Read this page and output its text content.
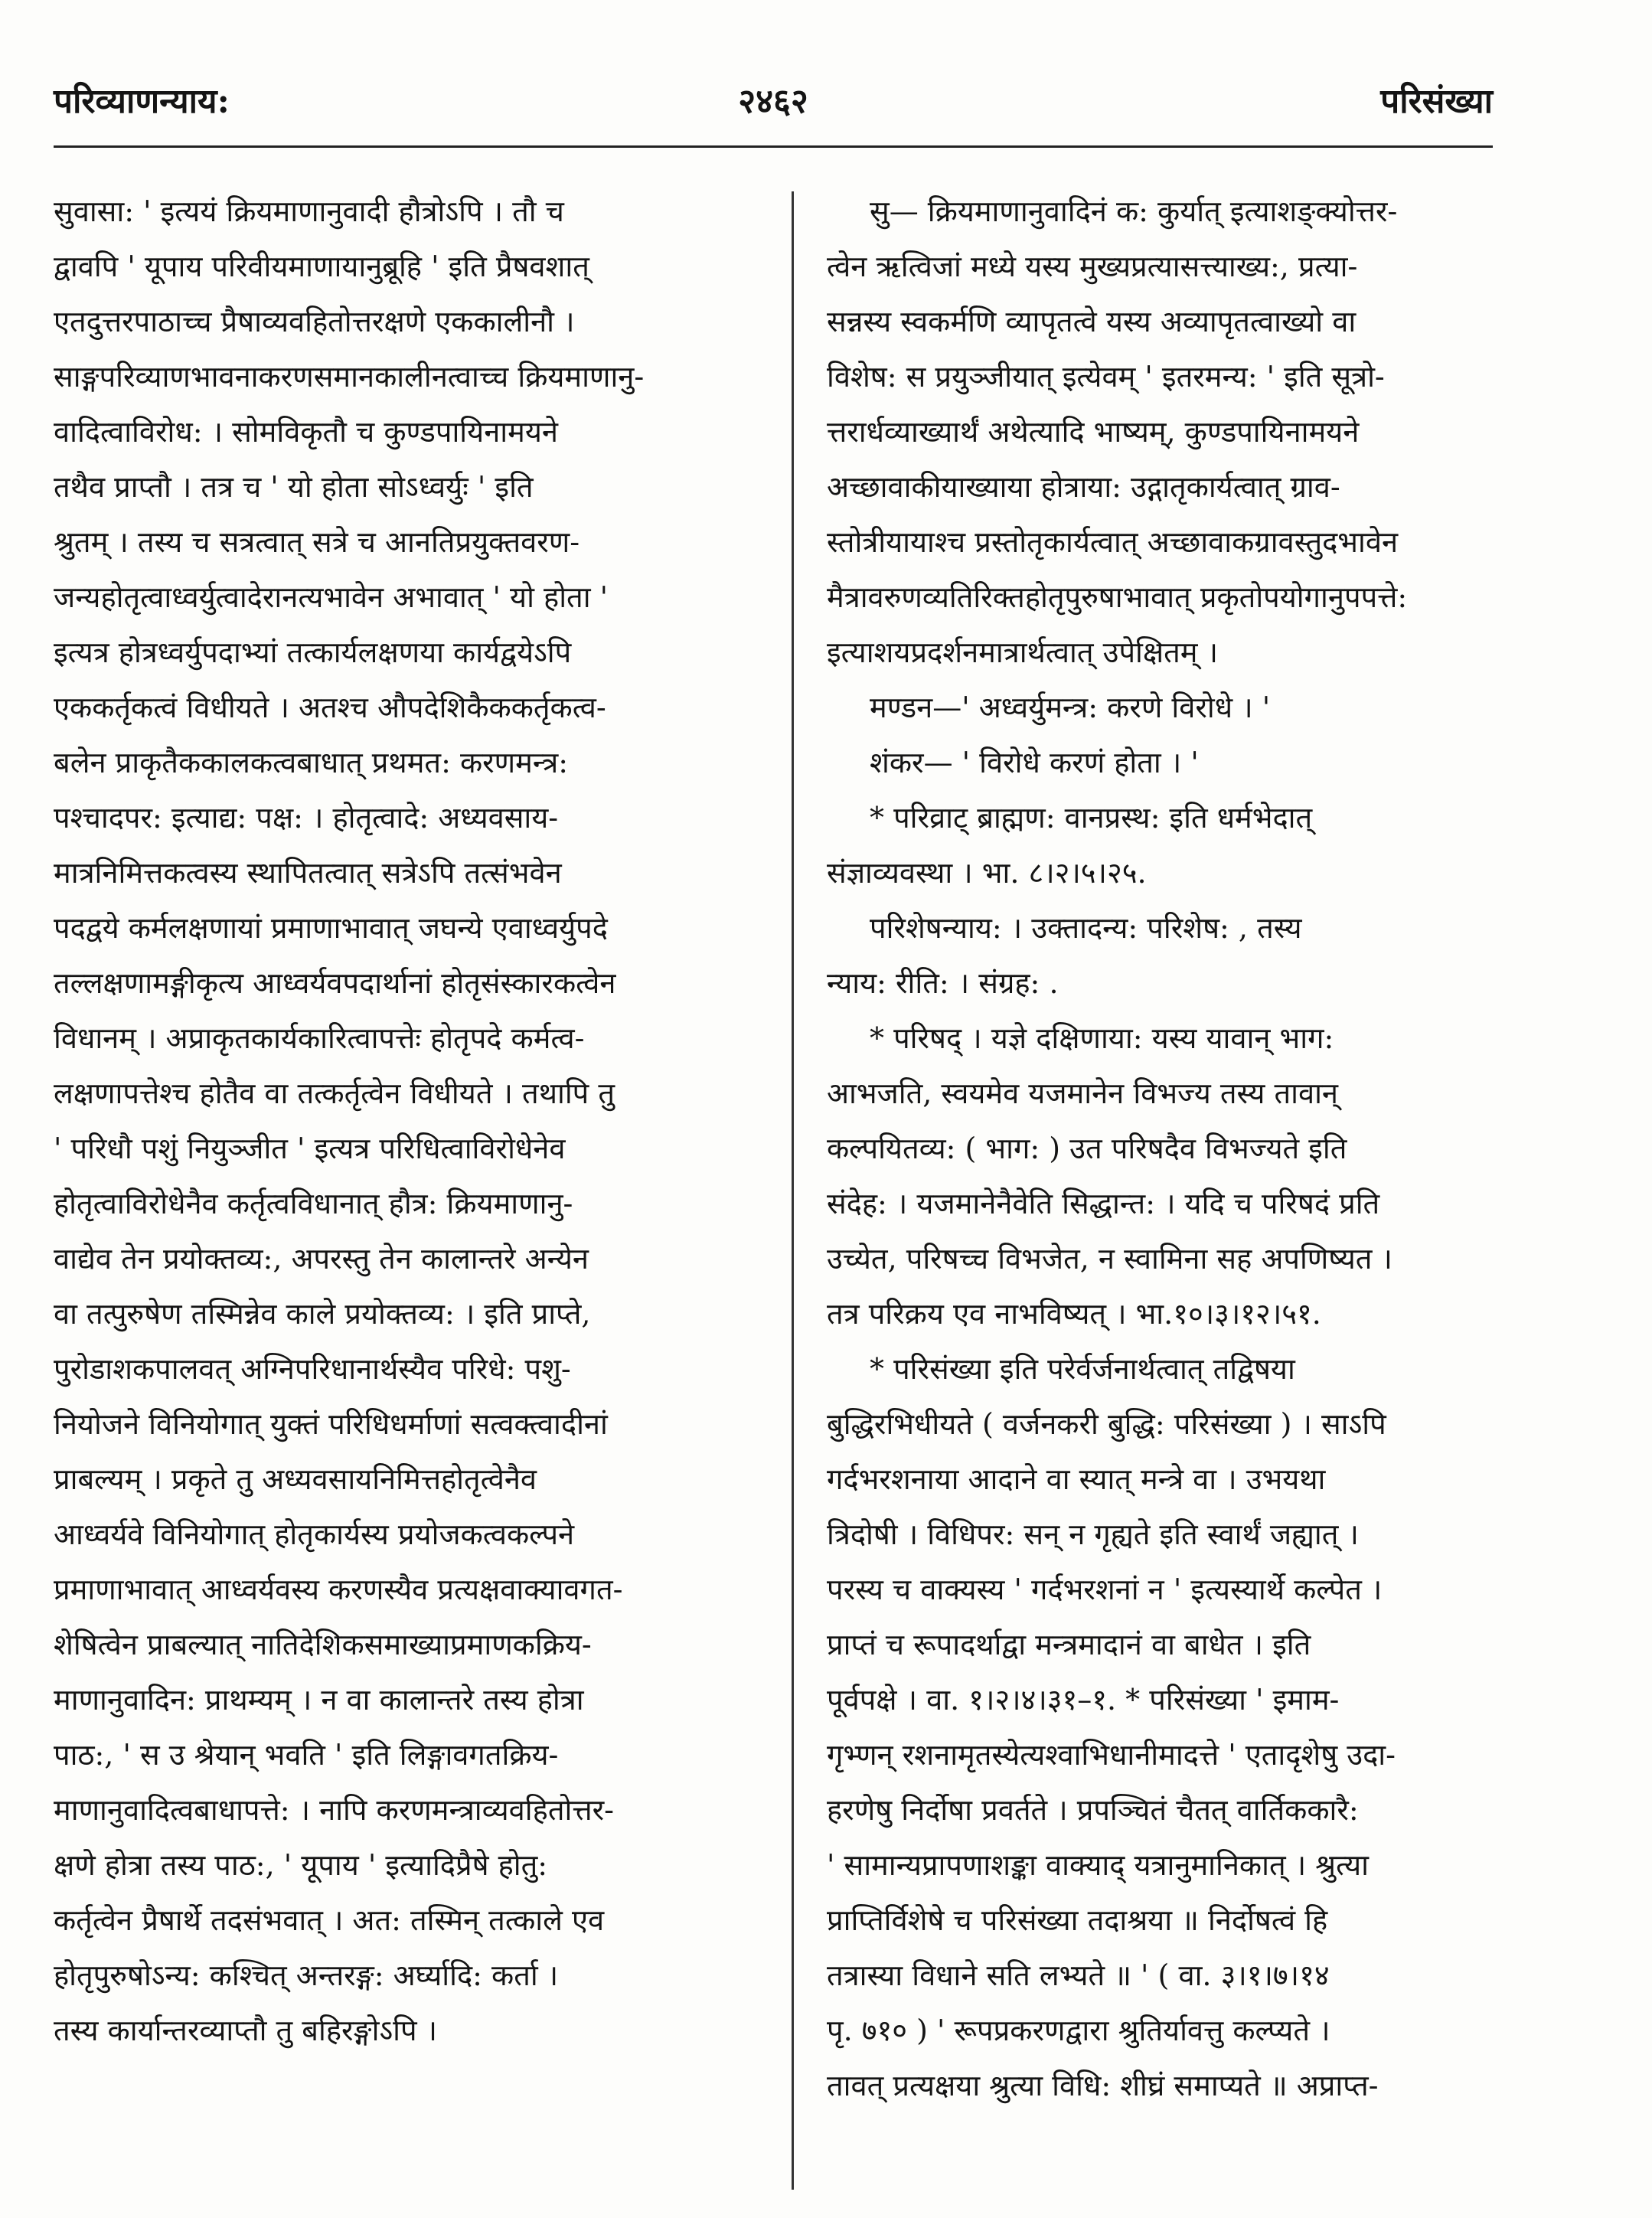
परिव्याणन्याय:	२४६२	परिसंख्या
सुवासा: ' इत्ययं क्रियमाणानुवादी हौत्रोऽपि । तौ च
द्वावपि ' यूपाय परिवीयमाणायानुब्रूहि ' इति प्रैषवशात्
एतदुत्तरपाठाच्च प्रैषाव्यवहितोत्तरक्षणे एककालीनौ ।
साङ्गपरिव्याणभावनाकरणसमानकालीनत्वाच्च क्रियमाणानु-
वादित्वाविरोध: । सोमविकृतौ च कुण्डपायिनामयने
तथैव प्राप्तौ । तत्र च ' यो होता सोऽध्वर्युः ' इति
श्रुतम् । तस्य च सत्रत्वात् सत्रे च आनतिप्रयुक्तवरण-
जन्यहोतृत्वाध्वर्युत्वादेरानत्यभावेन अभावात् ' यो होता '
इत्यत्र होत्रध्वर्युपदाभ्यां तत्कार्यलक्षणया कार्यद्वयेऽपि
एककर्तृकत्वं विधीयते । अतश्च औपदेशिकैककर्तृकत्व-
बलेन प्राकृतैककालकत्वबाधात् प्रथमत: करणमन्त्र:
पश्चादपर: इत्याद्य: पक्ष: । होतृत्वादे: अध्यवसाय-
मात्रनिमित्तकत्वस्य स्थापितत्वात् सत्रेऽपि तत्संभवेन
पदद्वये कर्मलक्षणायां प्रमाणाभावात् जघन्ये एवाध्वर्युपदे
तल्लक्षणामङ्गीकृत्य आध्वर्यवपदार्थानां होतृसंस्कारकत्वेन
विधानम् । अप्राकृतकार्यकारित्वापत्तेः होतृपदे कर्मत्व-
लक्षणापत्तेश्च होतैव वा तत्कर्तृत्वेन विधीयते । तथापि तु
' परिधौ पशुं नियुञ्जीत ' इत्यत्र परिधित्वाविरोधेनेव
होतृत्वाविरोधेनैव कर्तृत्वविधानात् हौत्र: क्रियमाणानु-
वाद्येव तेन प्रयोक्तव्य:, अपरस्तु तेन कालान्तरे अन्येन
वा तत्पुरुषेण तस्मिन्नेव काले प्रयोक्तव्य: । इति प्राप्ते,
पुरोडाशकपालवत् अग्निपरिधानार्थस्यैव परिधे: पशु-
नियोजने विनियोगात् युक्तं परिधिधर्माणां सत्वक्त्वादीनां
प्राबल्यम् । प्रकृते तु अध्यवसायनिमित्तहोतृत्वेनैव
आध्वर्यवे विनियोगात् होतृकार्यस्य प्रयोजकत्वकल्पने
प्रमाणाभावात् आध्वर्यवस्य करणस्यैव प्रत्यक्षवाक्यावगत-
शेषित्वेन प्राबल्यात् नातिदेशिकसमाख्याप्रमाणकक्रिय-
माणानुवादिन: प्राथम्यम् । न वा कालान्तरे तस्य होत्रा
पाठ:, ' स उ श्रेयान् भवति ' इति लिङ्गावगतक्रिय-
माणानुवादित्वबाधापत्ते: । नापि करणमन्त्राव्यवहितोत्तर-
क्षणे होत्रा तस्य पाठ:, ' यूपाय ' इत्यादिप्रैषे होतु:
कर्तृत्वेन प्रैषार्थे तदसंभवात् । अत: तस्मिन् तत्काले एव
होतृपुरुषोऽन्य: कश्चित् अन्तरङ्ग: अर्घ्यादि: कर्ता ।
तस्य कार्यान्तरव्याप्तौ तु बहिरङ्गोऽपि ।
सु— क्रियमाणानुवादिनं क: कुर्यात् इत्याशङ्क्योत्तर-
त्वेन ऋत्विजां मध्ये यस्य मुख्यप्रत्यासत्त्याख्य:, प्रत्या-
सन्नस्य स्वकर्मणि व्यापृतत्वे यस्य अव्यापृतत्वाख्यो वा
विशेष: स प्रयुञ्जीयात् इत्येवम् ' इतरमन्य: ' इति सूत्रो-
त्तरार्धव्याख्यार्थं अथेत्यादि भाष्यम्, कुण्डपायिनामयने
अच्छावाकीयाख्याया होत्राया: उद्गातृकार्यत्वात् ग्राव-
स्तोत्रीयायाश्च प्रस्तोतृकार्यत्वात् अच्छावाकग्रावस्तुदभावेन
मैत्रावरुणव्यतिरिक्तहोतृपुरुषाभावात् प्रकृतोपयोगानुपपत्ते:
इत्याशयप्रदर्शनमात्रार्थत्वात् उपेक्षितम् ।
मण्डन—' अध्वर्युमन्त्र: करणे विरोधे । '
शंकर— ' विरोधे करणं होता । '
* परिव्राट् ब्राह्मण: वानप्रस्थ: इति धर्मभेदात्
संज्ञाव्यवस्था । भा. ८।२।५।२५.
परिशेषन्याय: । उक्तादन्य: परिशेष: , तस्य
न्याय: रीति: । संग्रह: .
* परिषद् । यज्ञे दक्षिणाया: यस्य यावान् भाग:
आभजति, स्वयमेव यजमानेन विभज्य तस्य तावान्
कल्पयितव्य: ( भाग: ) उत परिषदैव विभज्यते इति
संदेह: । यजमानेनैवेति सिद्धान्त: । यदि च परिषदं प्रति
उच्येत, परिषच्च विभजेत, न स्वामिना सह अपणिष्यत ।
तत्र परिक्रय एव नाभविष्यत् । भा.१०।३।१२।५१.
* परिसंख्या इति परेर्वर्जनार्थत्वात् तद्विषया
बुद्धिरभिधीयते ( वर्जनकरी बुद्धि: परिसंख्या ) । साऽपि
गर्दभरशनाया आदाने वा स्यात् मन्त्रे वा । उभयथा
त्रिदोषी । विधिपर: सन् न गृह्यते इति स्वार्थं जह्यात् ।
परस्य च वाक्यस्य ' गर्दभरशनां न ' इत्यस्यार्थे कल्पेत ।
प्राप्तं च रूपादर्थाद्वा मन्त्रमादानं वा बाधेत । इति
पूर्वपक्षे । वा. १।२।४।३१–१. * परिसंख्या ' इमाम-
गृभ्णन् रशनामृतस्येत्यश्वाभिधानीमादत्ते ' एतादृशेषु उदा-
हरणेषु निर्दोषा प्रवर्तते । प्रपञ्चितं चैतत् वार्तिककारै:
' सामान्यप्रापणाशङ्का वाक्याद् यत्रानुमानिकात् । श्रुत्या
प्राप्तिर्विशेषे च परिसंख्या तदाश्रया ॥ निर्दोषत्वं हि
तत्रास्या विधाने सति लभ्यते ॥ ' ( वा. ३।१।७।१४
पृ. ७१० ) ' रूपप्रकरणद्वारा श्रुतिर्यावत्तु कल्प्यते ।
तावत् प्रत्यक्षया श्रुत्या विधि: शीघ्रं समाप्यते ॥ अप्राप्त-
